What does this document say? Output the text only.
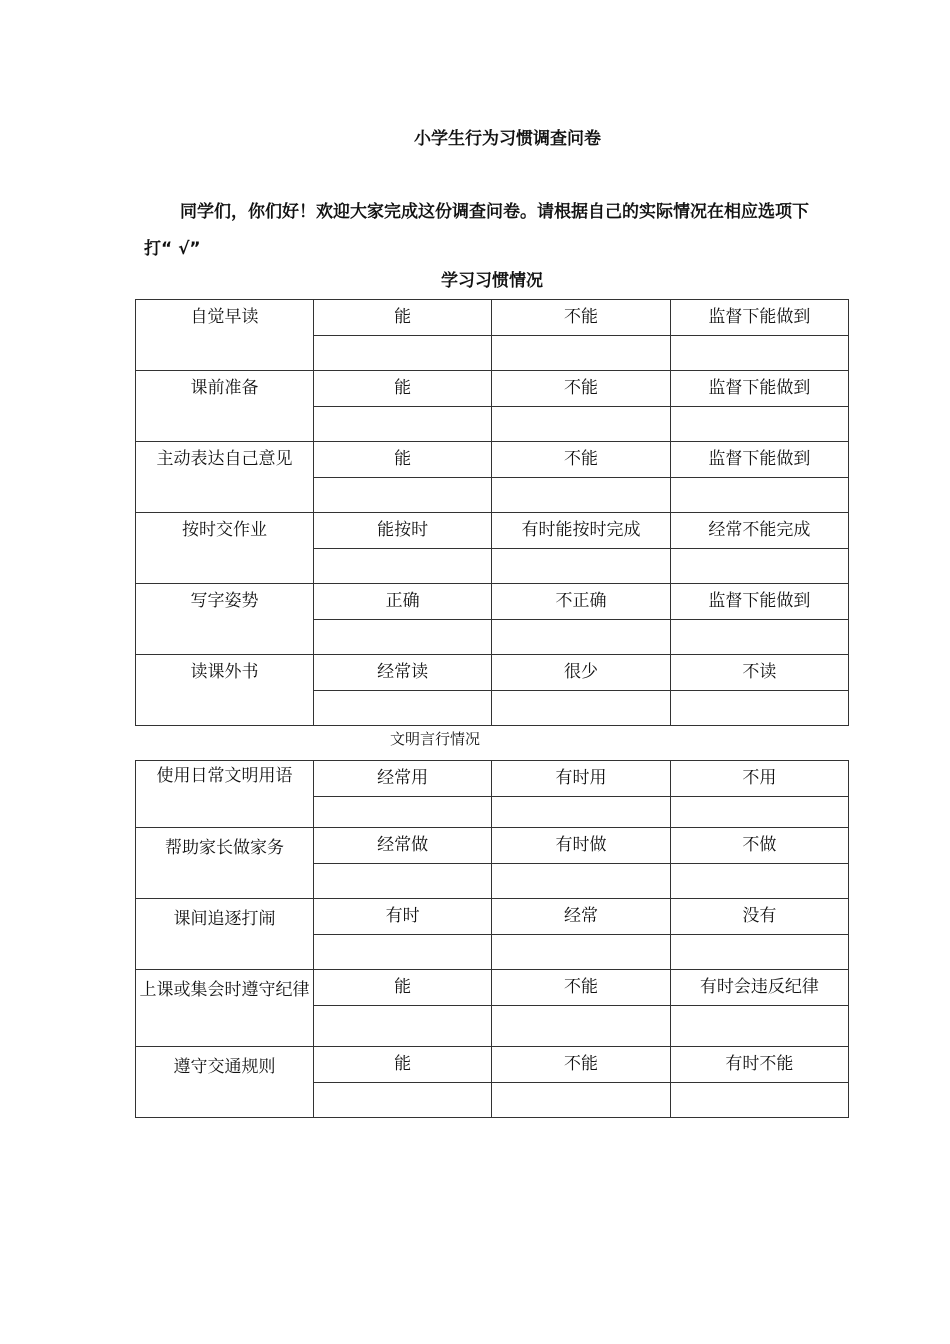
小学生行为习惯调查问卷

同学们，你们好！欢迎大家完成这份调查问卷。请根据自己的实际情况在相应选项下打“ √”

学习习惯情况
自觉早读	能	不能	监督下能做到

课前准备	能	不能	监督下能做到

主动表达自己意见	能	不能	监督下能做到

按时交作业	能按时	有时能按时完成	经常不能完成

写字姿势	正确	不正确	监督下能做到

读课外书	经常读	很少	不读

文明言行情况
使用日常文明用语	经常用	有时用	不用

帮助家长做家务	经常做	有时做	不做

课间追逐打闹	有时	经常	没有

上课或集会时遵守纪律	能	不能	有时会违反纪律

遵守交通规则	能	不能	有时不能
